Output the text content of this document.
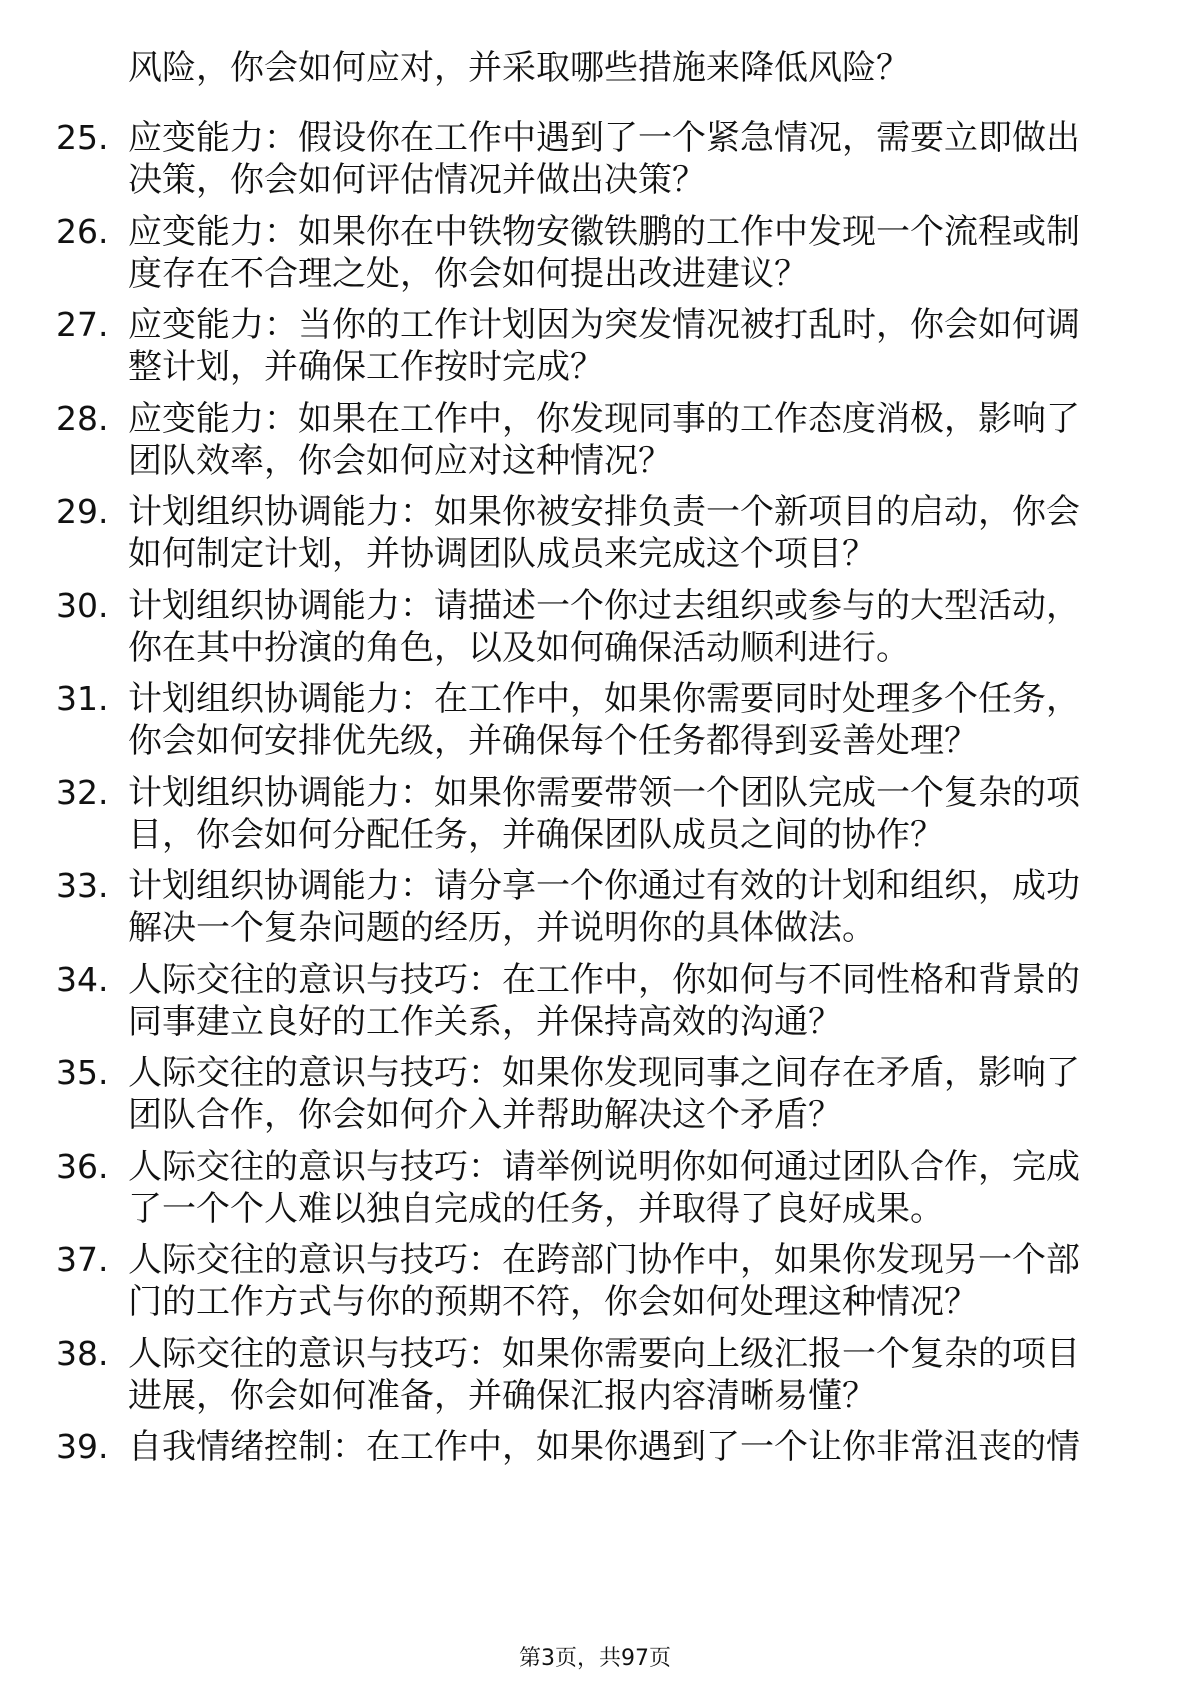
风险，你会如何应对，并采取哪些措施来降低风险？
25. 应变能力：假设你在工作中遇到了一个紧急情况，需要立即做出
决策，你会如何评估情况并做出决策？
26. 应变能力：如果你在中铁物安徽铁鹏的工作中发现一个流程或制
度存在不合理之处，你会如何提出改进建议？
27. 应变能力：当你的工作计划因为突发情况被打乱时，你会如何调
整计划，并确保工作按时完成？
28. 应变能力：如果在工作中，你发现同事的工作态度消极，影响了
团队效率，你会如何应对这种情况？
29. 计划组织协调能力：如果你被安排负责一个新项目的启动，你会
如何制定计划，并协调团队成员来完成这个项目？
30. 计划组织协调能力：请描述一个你过去组织或参与的大型活动，
你在其中扮演的角色，以及如何确保活动顺利进行。
31. 计划组织协调能力：在工作中，如果你需要同时处理多个任务，
你会如何安排优先级，并确保每个任务都得到妥善处理？
32. 计划组织协调能力：如果你需要带领一个团队完成一个复杂的项
目，你会如何分配任务，并确保团队成员之间的协作？
33. 计划组织协调能力：请分享一个你通过有效的计划和组织，成功
解决一个复杂问题的经历，并说明你的具体做法。
34. 人际交往的意识与技巧：在工作中，你如何与不同性格和背景的
同事建立良好的工作关系，并保持高效的沟通？
35. 人际交往的意识与技巧：如果你发现同事之间存在矛盾，影响了
团队合作，你会如何介入并帮助解决这个矛盾？
36. 人际交往的意识与技巧：请举例说明你如何通过团队合作，完成
了一个个人难以独自完成的任务，并取得了良好成果。
37. 人际交往的意识与技巧：在跨部门协作中，如果你发现另一个部
门的工作方式与你的预期不符，你会如何处理这种情况？
38. 人际交往的意识与技巧：如果你需要向上级汇报一个复杂的项目
进展，你会如何准备，并确保汇报内容清晰易懂？
39. 自我情绪控制：在工作中，如果你遇到了一个让你非常沮丧的情
第3页，共97页
